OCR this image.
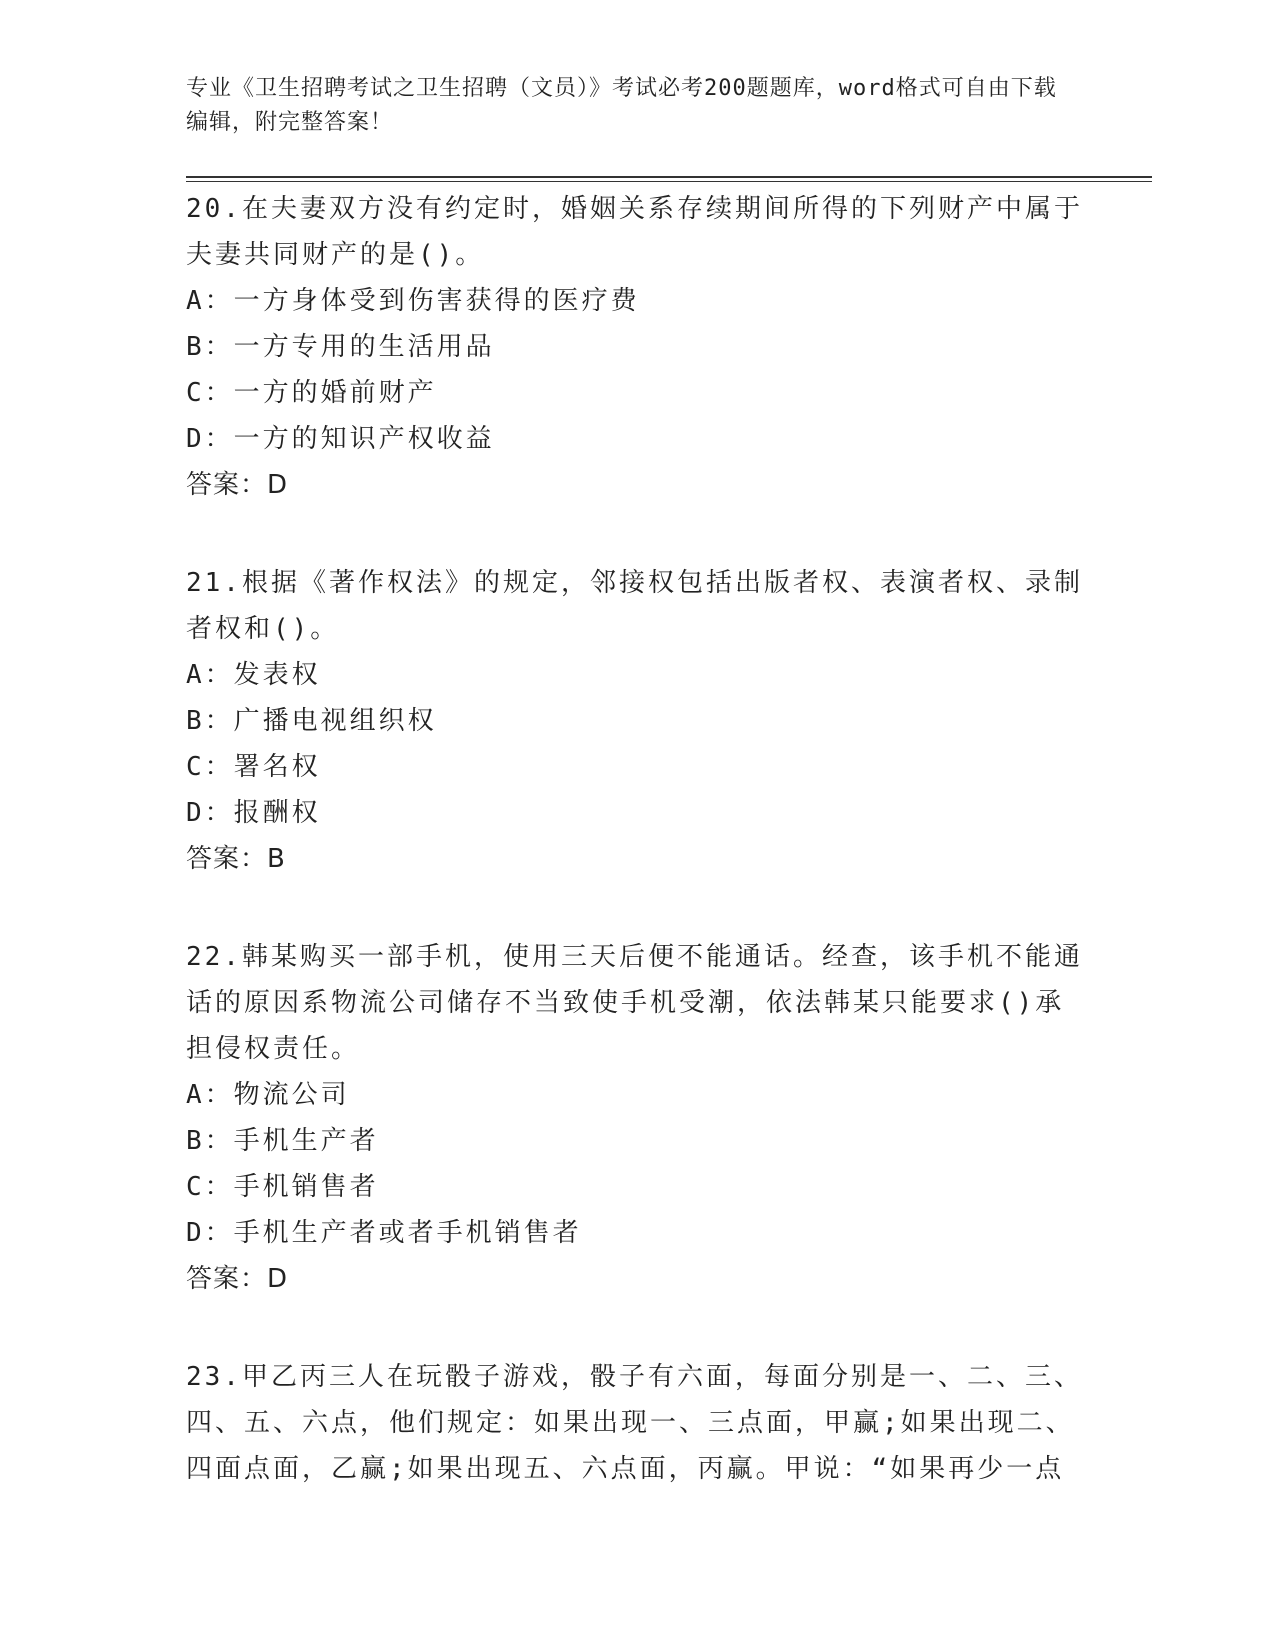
专业《卫生招聘考试之卫生招聘（文员）》考试必考200题题库，word格式可自由下载编辑，附完整答案！
20.在夫妻双方没有约定时，婚姻关系存续期间所得的下列财产中属于夫妻共同财产的是()。
A：一方身体受到伤害获得的医疗费
B：一方专用的生活用品
C：一方的婚前财产
D：一方的知识产权收益
答案：D
21.根据《著作权法》的规定，邻接权包括出版者权、表演者权、录制者权和()。
A：发表权
B：广播电视组织权
C：署名权
D：报酬权
答案：B
22.韩某购买一部手机，使用三天后便不能通话。经查，该手机不能通话的原因系物流公司储存不当致使手机受潮，依法韩某只能要求()承担侵权责任。
A：物流公司
B：手机生产者
C：手机销售者
D：手机生产者或者手机销售者
答案：D
23.甲乙丙三人在玩骰子游戏，骰子有六面，每面分别是一、二、三、四、五、六点，他们规定：如果出现一、三点面，甲赢;如果出现二、四面点面，乙赢;如果出现五、六点面，丙赢。甲说：“如果再少一点
